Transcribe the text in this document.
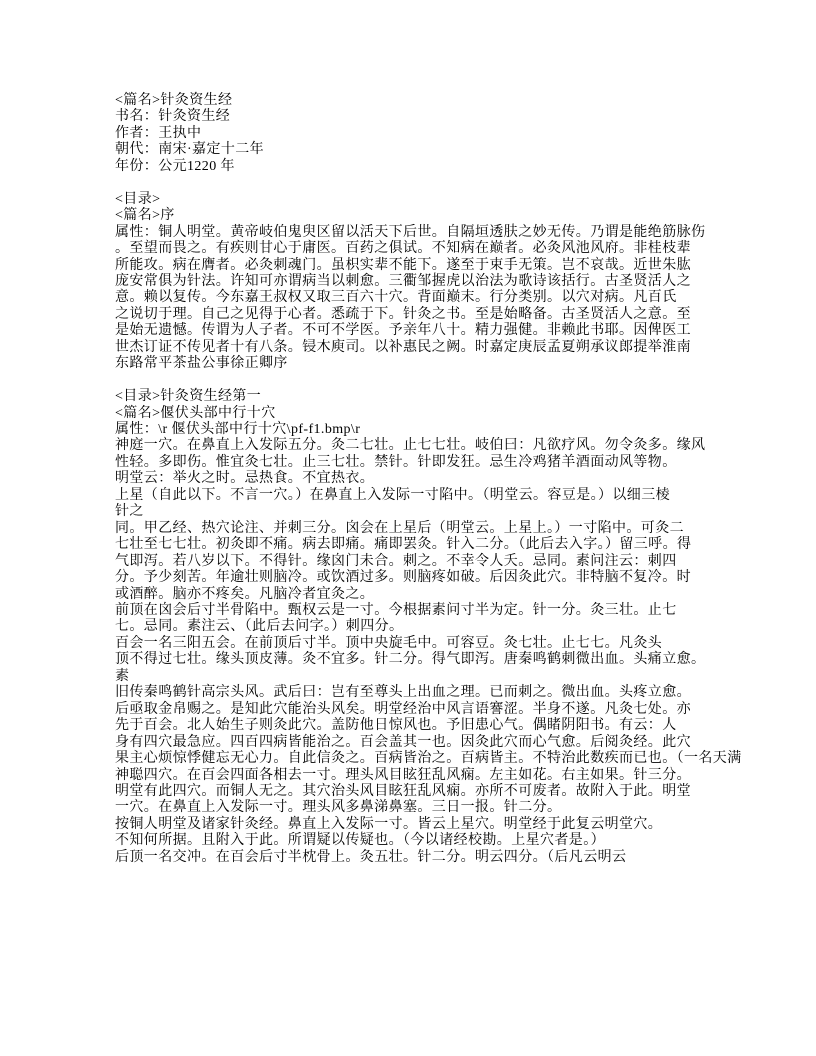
<篇名>针灸资生经
书名：针灸资生经
作者：王执中
朝代：南宋·嘉定十二年
年份：公元1220 年
<目录>
<篇名>序
属性：铜人明堂。黄帝岐伯鬼臾区留以活天下后世。自隔垣透肤之妙无传。乃谓是能绝筋脉伤
。至望而畏之。有疾则甘心于庸医。百药之俱试。不知病在巅者。必灸风池风府。非桂枝辈
所能攻。病在膺者。必灸刺魂门。虽枳实辈不能下。遂至于束手无策。岂不哀哉。近世朱肱
庞安常俱为针法。许知可亦谓病当以刺愈。三衢邹握虎以治法为歌诗该括行。古圣贤活人之
意。赖以复传。今东嘉王叔权又取三百六十穴。背面巅末。行分类别。以穴对病。凡百氏
之说切于理。自己之见得于心者。悉疏于下。针灸之书。至是始略备。古圣贤活人之意。至
是始无遗憾。传谓为人子者。不可不学医。予亲年八十。精力强健。非赖此书耶。因俾医工
世杰订证不传见者十有八条。锓木庾司。以补惠民之阙。时嘉定庚辰孟夏朔承议郎提举淮南
东路常平茶盐公事徐正卿序
<目录>针灸资生经第一
<篇名>偃伏头部中行十穴
属性：\r 偃伏头部中行十穴\pf-f1.bmp\r
神庭一穴。在鼻直上入发际五分。灸二七壮。止七七壮。岐伯曰：凡欲疗风。勿令灸多。缘风
性轻。多即伤。惟宜灸七壮。止三七壮。禁针。针即发狂。忌生冷鸡猪羊酒面动风等物。
明堂云：举火之时。忌热食。不宜热衣。
上星（自此以下。不言一穴。）在鼻直上入发际一寸陷中。（明堂云。容豆是。）以细三棱
针之
同。甲乙经、热穴论注、并刺三分。囟会在上星后（明堂云。上星上。）一寸陷中。可灸二
七壮至七七壮。初灸即不痛。病去即痛。痛即罢灸。针入二分。（此后去入字。）留三呼。得
气即泻。若八岁以下。不得针。缘囟门未合。刺之。不幸令人夭。忌同。素问注云：刺四
分。予少刻苦。年逾壮则脑冷。或饮酒过多。则脑疼如破。后因灸此穴。非特脑不复冷。时
或酒醉。脑亦不疼矣。凡脑冷者宜灸之。
前顶在囟会后寸半骨陷中。甄权云是一寸。今根据素问寸半为定。针一分。灸三壮。止七
七。忌同。素注云、（此后去问字。）刺四分。
百会一名三阳五会。在前顶后寸半。顶中央旋毛中。可容豆。灸七壮。止七七。凡灸头
顶不得过七壮。缘头顶皮薄。灸不宜多。针二分。得气即泻。唐秦鸣鹤刺微出血。头痛立愈。
素
旧传秦鸣鹤针高宗头风。武后曰：岂有至尊头上出血之理。已而刺之。微出血。头疼立愈。
后亟取金帛赐之。是知此穴能治头风矣。明堂经治中风言语謇涩。半身不遂。凡灸七处。亦
先于百会。北人始生子则灸此穴。盖防他日惊风也。予旧患心气。偶睹阴阳书。有云：人
身有四穴最急应。四百四病皆能治之。百会盖其一也。因灸此穴而心气愈。后阅灸经。此穴
果主心烦惊悸健忘无心力。自此信灸之。百病皆治之。百病皆主。不特治此数疾而已也。（一名天满
神聪四穴。在百会四面各相去一寸。理头风目眩狂乱风痫。左主如花。右主如果。针三分。
明堂有此四穴。而铜人无之。其穴治头风目眩狂乱风痫。亦所不可废者。故附入于此。明堂
一穴。在鼻直上入发际一寸。理头风多鼻涕鼻塞。三日一报。针二分。
按铜人明堂及诸家针灸经。鼻直上入发际一寸。皆云上星穴。明堂经于此复云明堂穴。
不知何所据。且附入于此。所谓疑以传疑也。（今以诸经校勘。上星穴者是。）
后顶一名交冲。在百会后寸半枕骨上。灸五壮。针二分。明云四分。（后凡云明云
